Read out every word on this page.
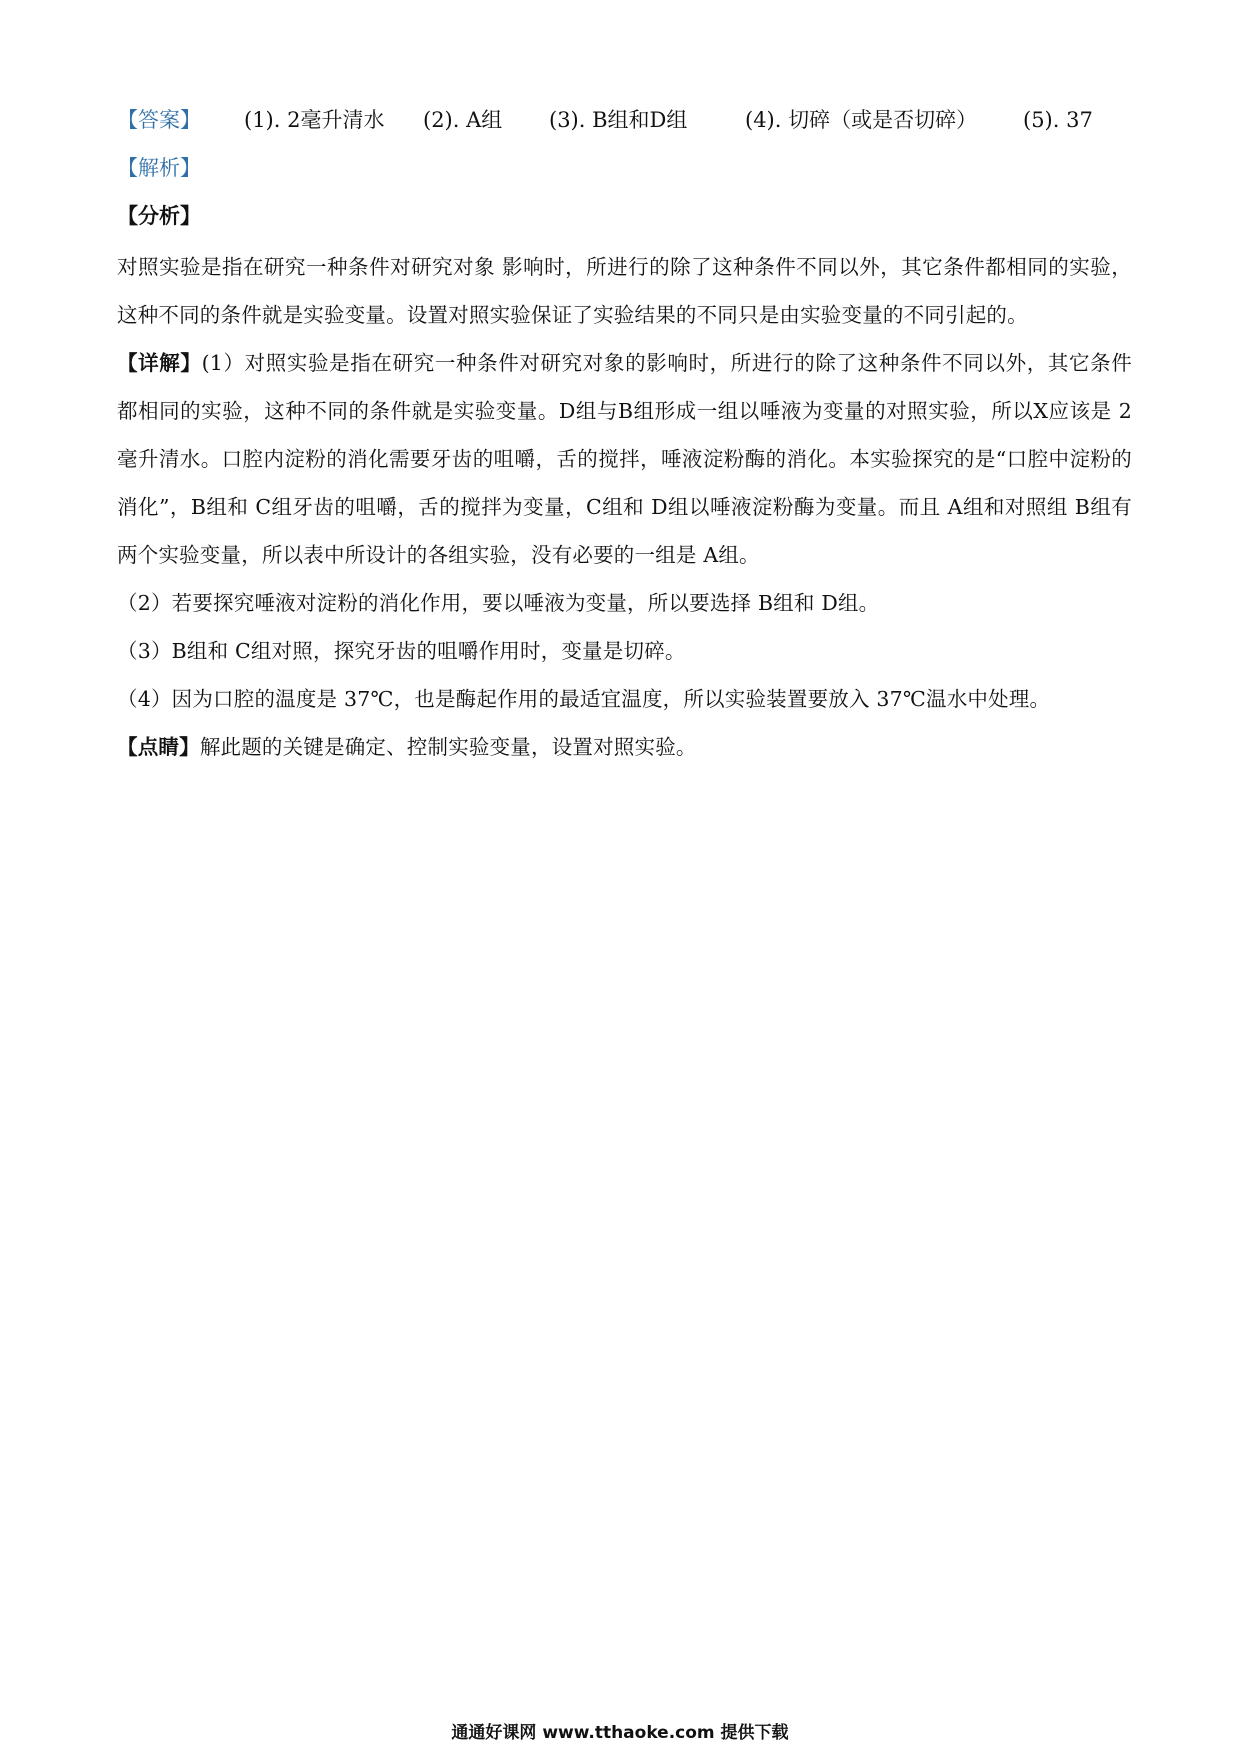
【答案】 (1). 2毫升清水 (2). A组 (3). B组和D组	(4). 切碎（或是否切碎） (5). 37
【解析】
【分析】
对照实验是指在研究一种条件对研究对象 影响时，所进行的除了这种条件不同以外，其它条件都相同的实验，这种不同的条件就是实验变量。设置对照实验保证了实验结果的不同只是由实验变量的不同引起的。
【详解】(1）对照实验是指在研究一种条件对研究对象的影响时，所进行的除了这种条件不同以外，其它条件都相同的实验，这种不同的条件就是实验变量。D组与B组形成一组以唾液为变量的对照实验，所以X应该是 2 毫升清水。口腔内淀粉的消化需要牙齿的咀嚼，舌的搅拌，唾液淀粉酶的消化。本实验探究的是“口腔中淀粉的消化”，B组和 C组牙齿的咀嚼，舌的搅拌为变量，C组和 D组以唾液淀粉酶为变量。而且 A组和对照组 B组有两个实验变量，所以表中所设计的各组实验，没有必要的一组是 A组。
（2）若要探究唾液对淀粉的消化作用，要以唾液为变量，所以要选择 B组和 D组。
（3）B组和 C组对照，探究牙齿的咀嚼作用时，变量是切碎。
（4）因为口腔的温度是 37℃，也是酶起作用的最适宜温度，所以实验装置要放入 37℃温水中处理。
【点睛】解此题的关键是确定、控制实验变量，设置对照实验。
通通好课网 www.tthaoke.com 提供下载
